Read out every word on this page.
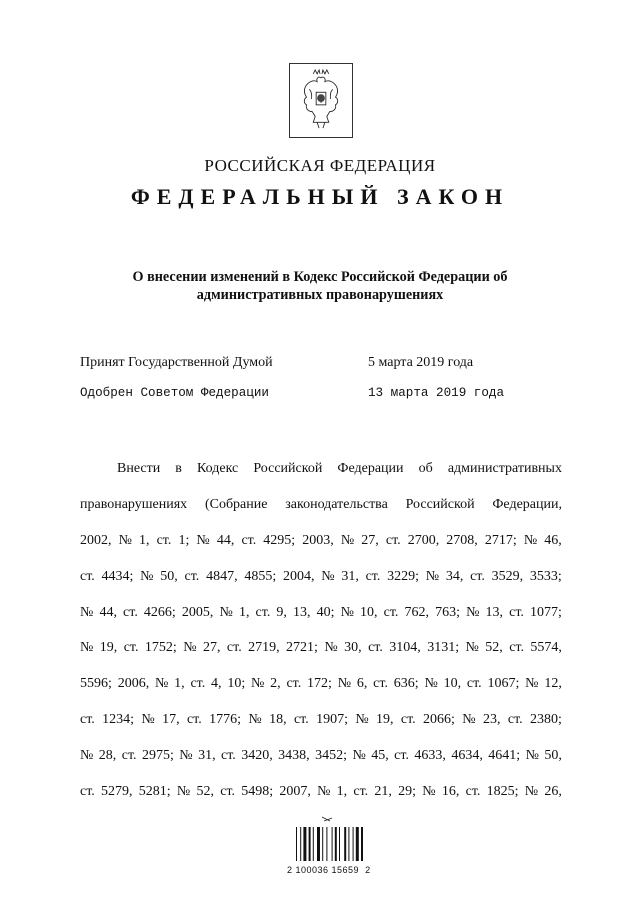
РОССИЙСКАЯ ФЕДЕРАЦИЯ
ФЕДЕРАЛЬНЫЙ ЗАКОН
О внесении изменений в Кодекс Российской Федерации об
административных правонарушениях
Принят Государственной Думой	5 марта 2019 года
Одобрен Советом Федерации	13 марта 2019 года
Внести в Кодекс Российской Федерации об административных
правонарушениях (Собрание законодательства Российской Федерации,
2002, № 1, ст. 1; № 44, ст. 4295; 2003, № 27, ст. 2700, 2708, 2717; № 46,
ст. 4434; № 50, ст. 4847, 4855; 2004, № 31, ст. 3229; № 34, ст. 3529, 3533;
№ 44, ст. 4266; 2005, № 1, ст. 9, 13, 40; № 10, ст. 762, 763; № 13, ст. 1077;
№ 19, ст. 1752; № 27, ст. 2719, 2721; № 30, ст. 3104, 3131; № 52, ст. 5574,
5596; 2006, № 1, ст. 4, 10; № 2, ст. 172; № 6, ст. 636; № 10, ст. 1067; № 12,
ст. 1234; № 17, ст. 1776; № 18, ст. 1907; № 19, ст. 2066; № 23, ст. 2380;
№ 28, ст. 2975; № 31, ст. 3420, 3438, 3452; № 45, ст. 4633, 4634, 4641; № 50,
ст. 5279, 5281; № 52, ст. 5498; 2007, № 1, ст. 21, 29; № 16, ст. 1825; № 26,
2 100036 15659  2
